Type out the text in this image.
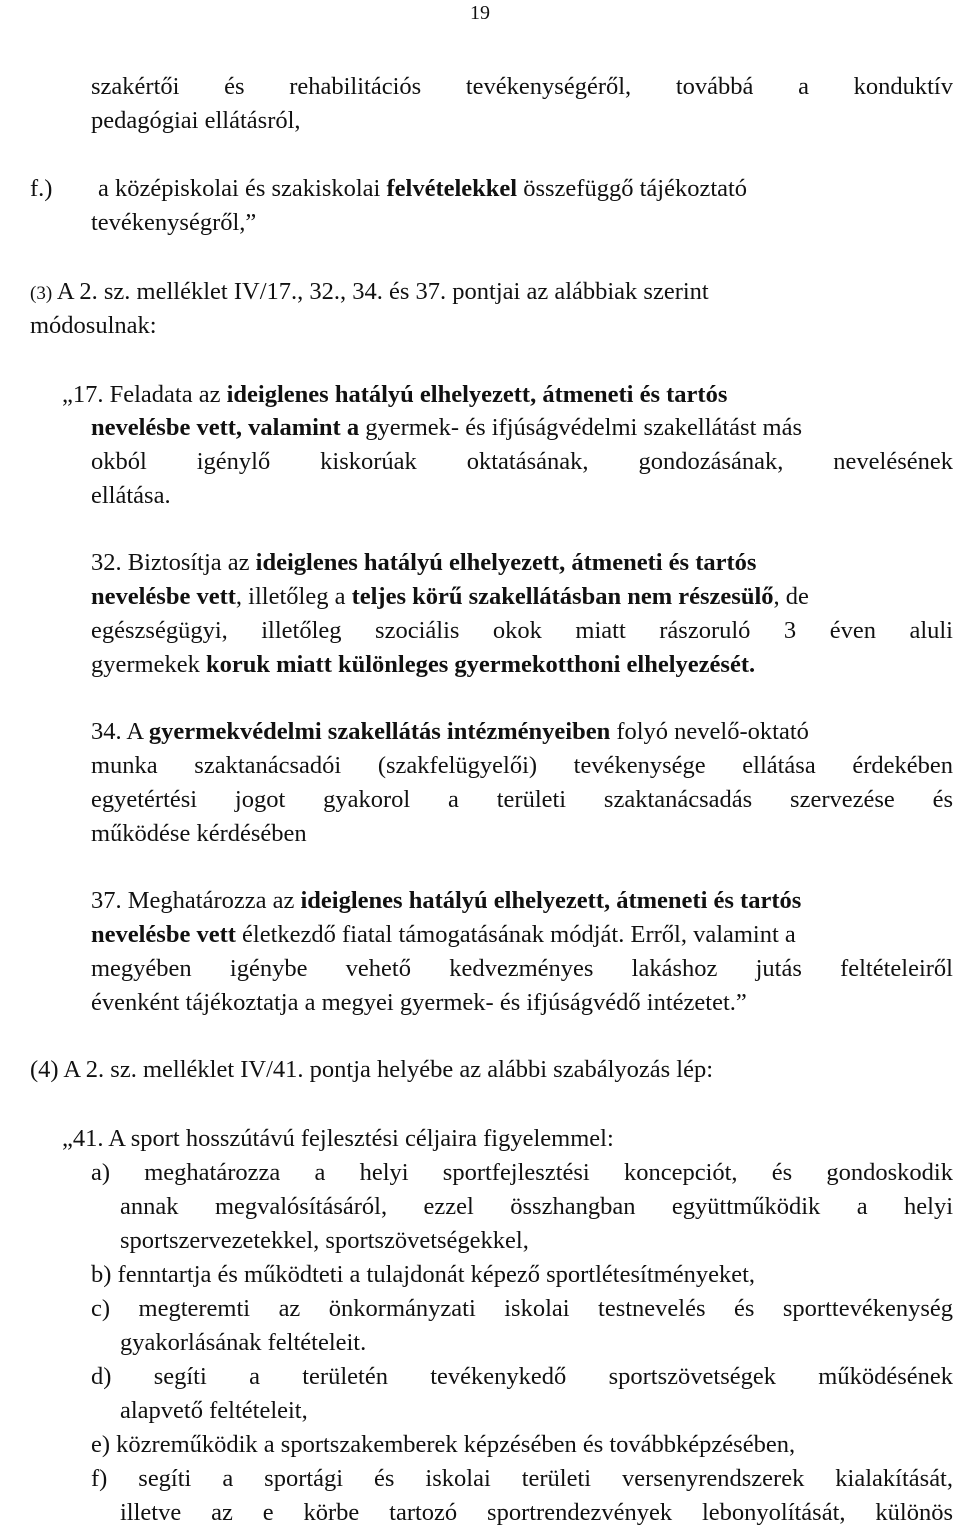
19
szakértői és rehabilitációs tevékenységéről, továbbá a konduktív
pedagógiai ellátásról,
f.) a középiskolai és szakiskolai felvételekkel összefüggő tájékoztató
tevékenységről,”
(3) A 2. sz. melléklet IV/17., 32., 34. és 37. pontjai az alábbiak szerint
módosulnak:
„17. Feladata az ideiglenes hatályú elhelyezett, átmeneti és tartós
nevelésbe vett, valamint a gyermek- és ifjúságvédelmi szakellátást más
okból igénylő kiskorúak oktatásának, gondozásának, nevelésének
ellátása.
32. Biztosítja az ideiglenes hatályú elhelyezett, átmeneti és tartós
nevelésbe vett, illetőleg a teljes körű szakellátásban nem részesülő, de
egészségügyi, illetőleg szociális okok miatt rászoruló 3 éven aluli
gyermekek koruk miatt különleges gyermekotthoni elhelyezését.
34. A gyermekvédelmi szakellátás intézményeiben folyó nevelő-oktató
munka szaktanácsadói (szakfelügyelői) tevékenysége ellátása érdekében
egyetértési jogot gyakorol a területi szaktanácsadás szervezése és
működése kérdésében
37. Meghatározza az ideiglenes hatályú elhelyezett, átmeneti és tartós
nevelésbe vett életkezdő fiatal támogatásának módját. Erről, valamint a
megyében igénybe vehető kedvezményes lakáshoz jutás feltételeiről
évenként tájékoztatja a megyei gyermek- és ifjúságvédő intézetet.”
(4) A 2. sz. melléklet IV/41. pontja helyébe az alábbi szabályozás lép:
„41. A sport hosszútávú fejlesztési céljaira figyelemmel:
a) meghatározza a helyi sportfejlesztési koncepciót, és gondoskodik
annak megvalósításáról, ezzel összhangban együttműködik a helyi
sportszervezetekkel, sportszövetségekkel,
b) fenntartja és működteti a tulajdonát képező sportlétesítményeket,
c) megteremti az önkormányzati iskolai testnevelés és sporttevékenység
gyakorlásának feltételeit.
d) segíti a területén tevékenykedő sportszövetségek működésének
alapvető feltételeit,
e) közreműködik a sportszakemberek képzésében és továbbképzésében,
f) segíti a sportági és iskolai területi versenyrendszerek kialakítását,
illetve az e körbe tartozó sportrendezvények lebonyolítását, különös
